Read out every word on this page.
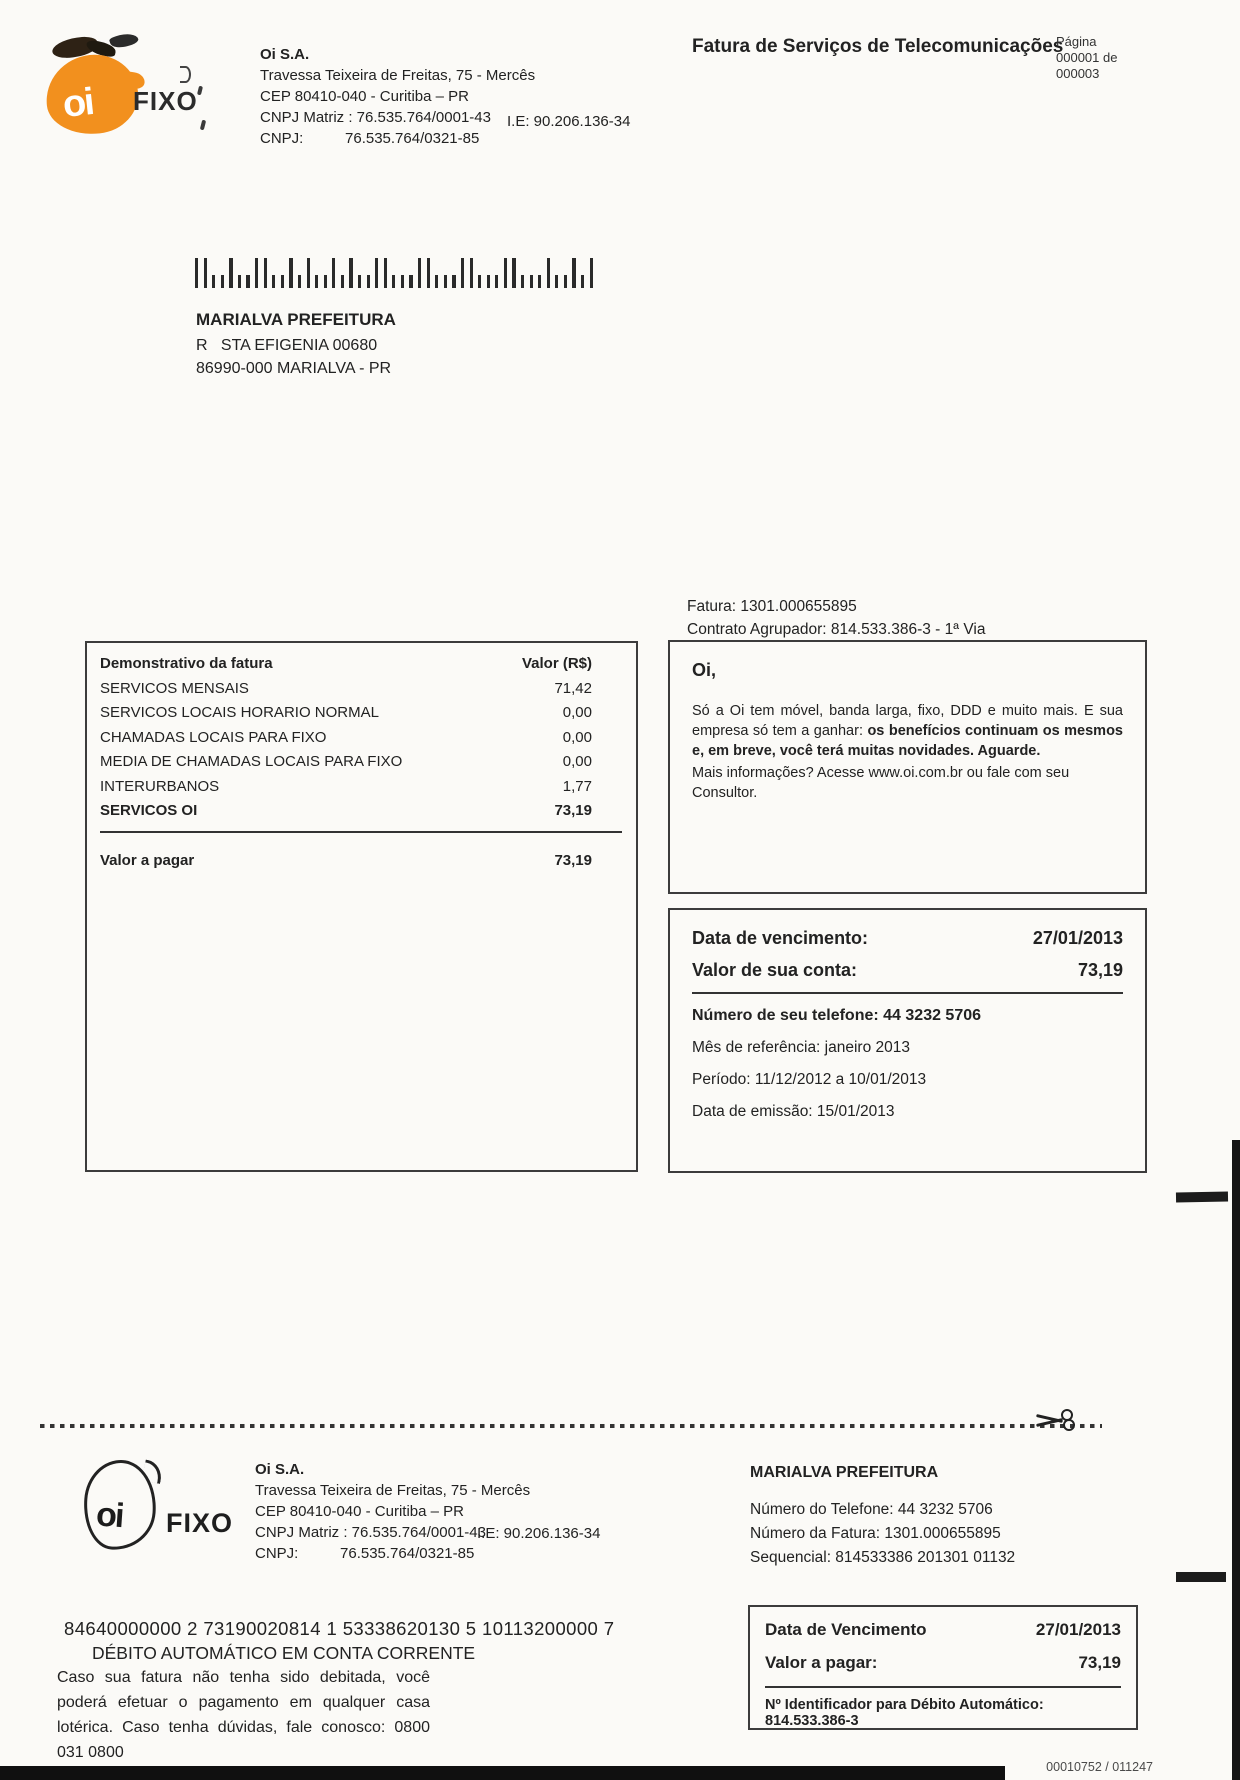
oi FIXO
Oi S.A.
Travessa Teixeira de Freitas, 75 - Mercês
CEP 80410-040 - Curitiba – PR
CNPJ Matriz : 76.535.764/0001-43
CNPJ:          76.535.764/0321-85
I.E: 90.206.136-34
Fatura de Serviços de Telecomunicações
Página
000001 de
000003
MARIALVA PREFEITURA
R   STA EFIGENIA 00680
86990-000 MARIALVA - PR
Fatura: 1301.000655895
Contrato Agrupador: 814.533.386-3 - 1ª Via
Demonstrativo da fatura	Valor (R$)
SERVICOS MENSAIS	71,42
SERVICOS LOCAIS HORARIO NORMAL	0,00
CHAMADAS LOCAIS PARA FIXO	0,00
MEDIA DE CHAMADAS LOCAIS PARA FIXO	0,00
INTERURBANOS	1,77
SERVICOS OI	73,19
Valor a pagar	73,19
Oi,

Só a Oi tem móvel, banda larga, fixo, DDD e muito mais. E sua empresa só tem a ganhar: os benefícios continuam os mesmos e, em breve, você terá muitas novidades. Aguarde.

Mais informações? Acesse www.oi.com.br ou fale com seu Consultor.

Data de vencimento:	27/01/2013
Valor de sua conta:	73,19
Número de seu telefone: 44 3232 5706
Mês de referência: janeiro 2013
Período: 11/12/2012 a 10/01/2013
Data de emissão: 15/01/2013
oi FIXO
Oi S.A.
Travessa Teixeira de Freitas, 75 - Mercês
CEP 80410-040 - Curitiba – PR
CNPJ Matriz : 76.535.764/0001-43
CNPJ:          76.535.764/0321-85
I.E: 90.206.136-34
MARIALVA PREFEITURA
Número do Telefone: 44 3232 5706
Número da Fatura: 1301.000655895
Sequencial: 814533386 201301 01132
84640000000 2 73190020814 1 53338620130 5 10113200000 7
DÉBITO AUTOMÁTICO EM CONTA CORRENTE
Caso sua fatura não tenha sido debitada, você poderá efetuar o pagamento em qualquer casa lotérica. Caso tenha dúvidas, fale conosco: 0800 031 0800
Data de Vencimento	27/01/2013
Valor a pagar:	73,19
Nº Identificador para Débito Automático: 814.533.386-3
00010752 / 011247
